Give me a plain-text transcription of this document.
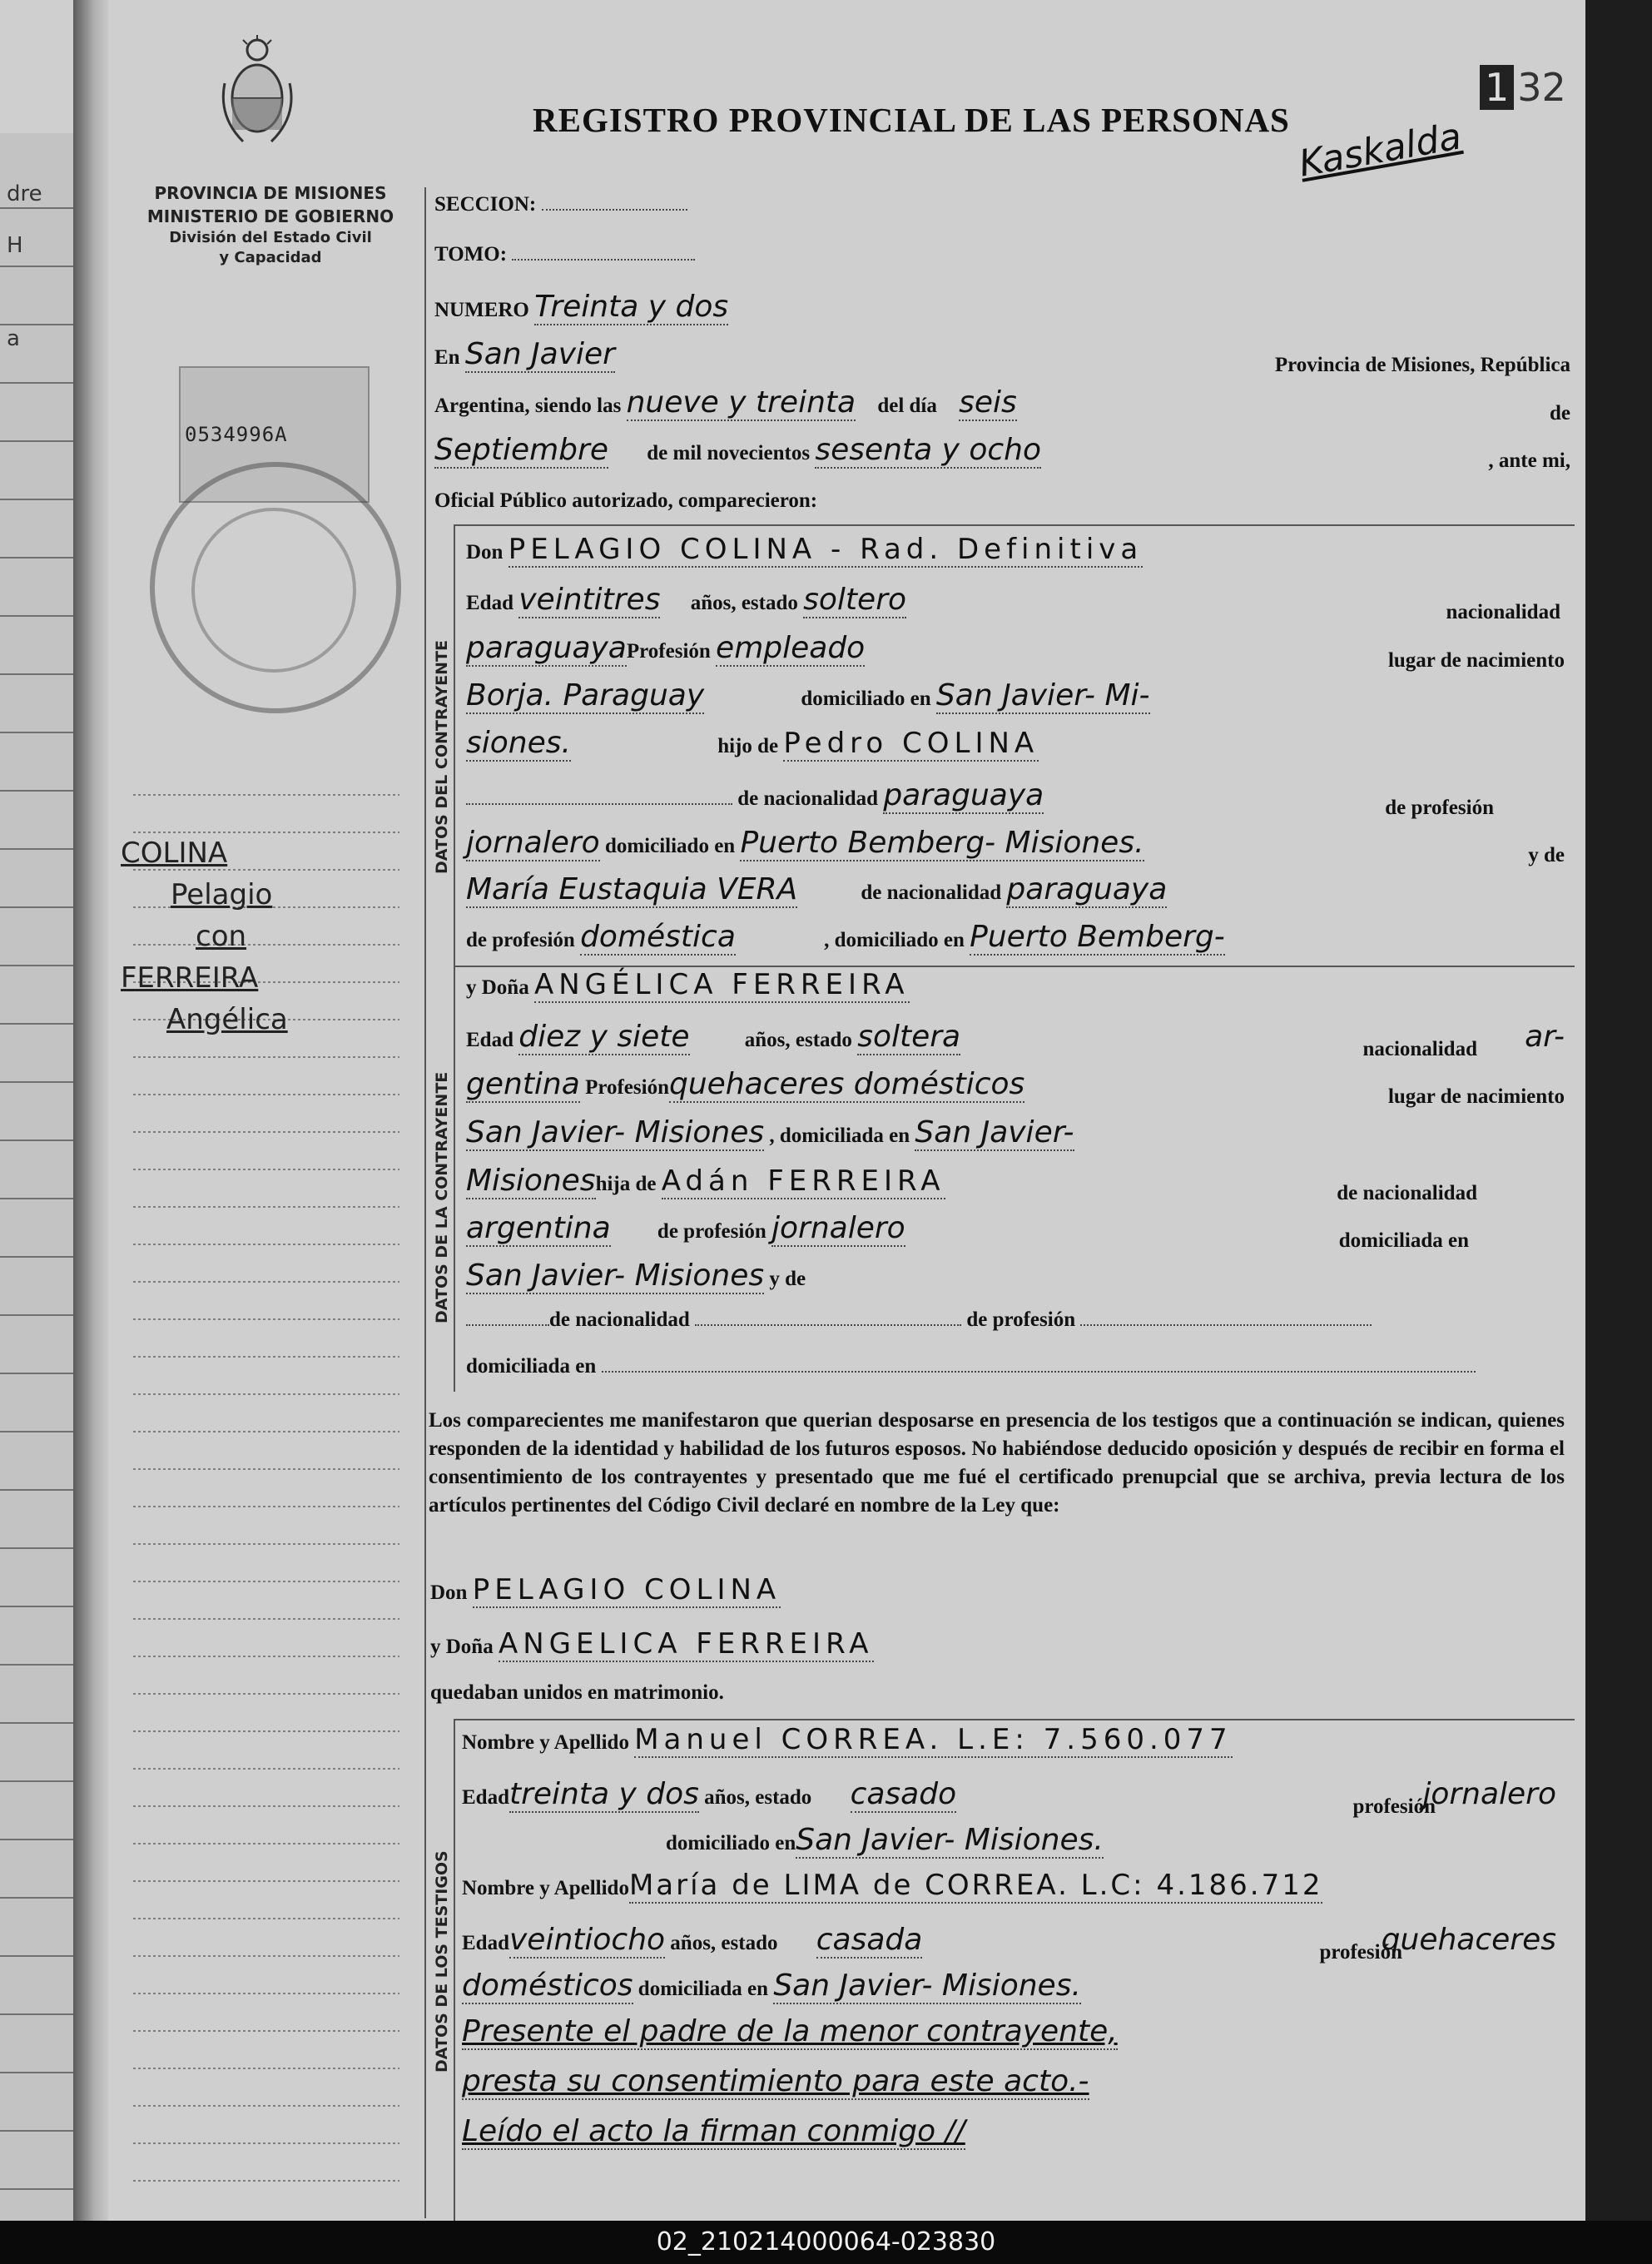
dre
H
a
PROVINCIA DE MISIONES
MINISTERIO DE GOBIERNO
División del Estado Civil
y Capacidad
0534996A
COLINA
Pelagio
con
FERREIRA
Angélica
REGISTRO PROVINCIAL DE LAS PERSONAS
1 32
Kaskalda
SECCION:
TOMO:
NUMERO Treinta y dos
En San Javier	Provincia de Misiones, República
Argentina, siendo las nueve y treinta del día seis	de
Septiembre de mil novecientos sesenta y ocho	, ante mi,
Oficial Público autorizado, comparecieron:
DATOS DEL CONTRAYENTE
Don PELAGIO COLINA - Rad. Definitiva
Edad veintitres años, estado soltero	nacionalidad
paraguayaProfesión empleado	lugar de nacimiento
Borja. Paraguay	domiciliado en San Javier- Mi-
siones.	hijo de Pedro COLINA
de nacionalidad paraguaya	de profesión
jornalero domiciliado en Puerto Bemberg- Misiones.	y de
María Eustaquia VERA	de nacionalidad paraguaya
de profesión doméstica	, domiciliado en Puerto Bemberg-
DATOS DE LA CONTRAYENTE
y Doña ANGÉLICA FERREIRA
Edad diez y siete	años, estado soltera	nacionalidad ar-
gentina Profesiónquehaceres domésticos	lugar de nacimiento
San Javier- Misiones , domiciliada en San Javier-
Misioneshija de Adán FERREIRA	de nacionalidad
argentina de profesión jornalero	domiciliada en
San Javier- Misiones y de
de nacionalidad	de profesión
domiciliada en
Los comparecientes me manifestaron que querian desposarse en presencia de los testigos que a continuación se indican, quienes responden de la identidad y habilidad de los futuros esposos. No habiéndose deducido oposición y después de recibir en forma el consentimiento de los contrayentes y presentado que me fué el certificado prenupcial que se archiva, previa lectura de los artículos pertinentes del Código Civil declaré en nombre de la Ley que:
Don PELAGIO COLINA
y Doña ANGELICA FERREIRA
quedaban unidos en matrimonio.
DATOS DE LOS TESTIGOS
Nombre y Apellido Manuel CORREA. L.E: 7.560.077
Edadtreinta y dos años, estado casado	profesión
jornalero
domiciliado enSan Javier- Misiones.
Nombre y ApellidoMaría de LIMA de CORREA. L.C: 4.186.712
Edadveintiocho años, estado casada	profesión
quehaceres
domésticos domiciliada en San Javier- Misiones.
Presente el padre de la menor contrayente,
presta su consentimiento para este acto.-
Leído el acto la firman conmigo //
02_210214000064-023830
